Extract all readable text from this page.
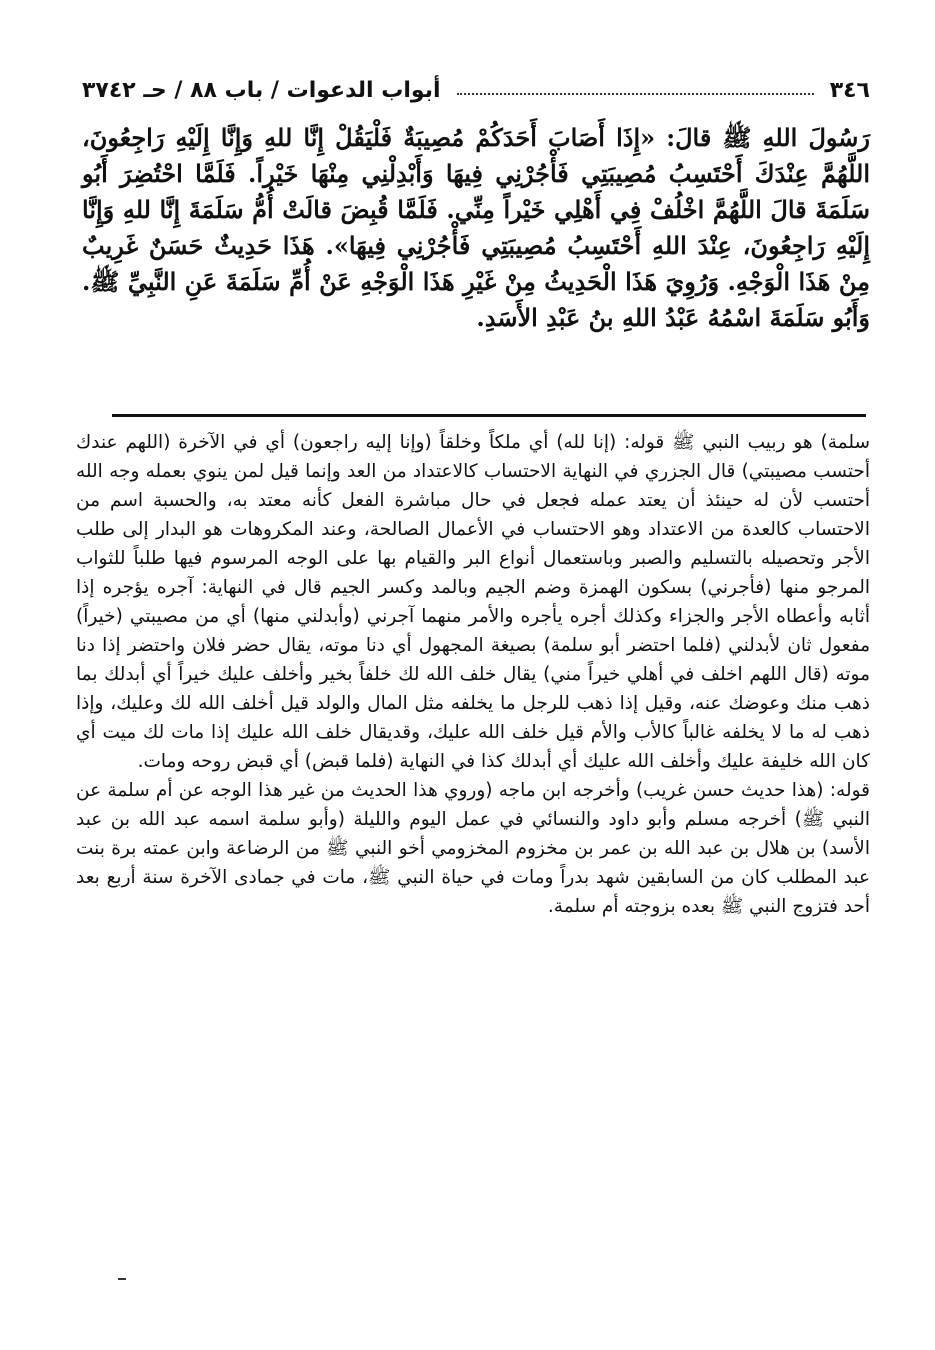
٣٤٦
أبواب الدعوات / باب ٨٨ / حـ ٣٧٤٢

رَسُولَ اللهِ ﷺ قالَ: «إِذَا أَصَابَ أَحَدَكُمْ مُصِيبَةٌ فَلْيَقُلْ إِنَّا للهِ وَإِنَّا إِلَيْهِ رَاجِعُونَ، اللَّهُمَّ عِنْدَكَ أَحْتَسِبُ مُصِيبَتِي فَأْجُرْنِي فِيهَا وَأَبْدِلْنِي مِنْهَا خَيْراً. فَلَمَّا احْتُضِرَ أَبُو سَلَمَةَ قالَ اللَّهُمَّ اخْلُفْ فِي أَهْلِي خَيْراً مِنِّي. فَلَمَّا قُبِضَ قالَتْ أُمُّ سَلَمَةَ إِنَّا للهِ وَإِنَّا إِلَيْهِ رَاجِعُونَ، عِنْدَ اللهِ أَحْتَسِبُ مُصِيبَتِي فَأْجُرْنِي فِيهَا». هَذَا حَدِيثٌ حَسَنٌ غَرِيبٌ مِنْ هَذَا الْوَجْهِ. وَرُوِيَ هَذَا الْحَدِيثُ مِنْ غَيْرِ هَذَا الْوَجْهِ عَنْ أُمِّ سَلَمَةَ عَنِ النَّبِيِّ ﷺ. وَأَبُو سَلَمَةَ اسْمُهُ عَبْدُ اللهِ بنُ عَبْدِ الأَسَدِ.

سلمة) هو ربيب النبي ﷺ قوله: (إنا لله) أي ملكاً وخلقاً (وإنا إليه راجعون) أي في الآخرة (اللهم عندك أحتسب مصيبتي) قال الجزري في النهاية الاحتساب كالاعتداد من العد وإنما قيل لمن ينوي بعمله وجه الله أحتسب لأن له حينئذ أن يعتد عمله فجعل في حال مباشرة الفعل كأنه معتد به، والحسبة اسم من الاحتساب كالعدة من الاعتداد وهو الاحتساب في الأعمال الصالحة، وعند المكروهات هو البدار إلى طلب الأجر وتحصيله بالتسليم والصبر وباستعمال أنواع البر والقيام بها على الوجه المرسوم فيها طلباً للثواب المرجو منها (فأجرني) بسكون الهمزة وضم الجيم وبالمد وكسر الجيم قال في النهاية: آجره يؤجره إذا أثابه وأعطاه الأجر والجزاء وكذلك أجره يأجره والأمر منهما آجرني (وأبدلني منها) أي من مصيبتي (خيراً) مفعول ثان لأبدلني (فلما احتضر أبو سلمة) بصيغة المجهول أي دنا موته، يقال حضر فلان واحتضر إذا دنا موته (قال اللهم اخلف في أهلي خيراً مني) يقال خلف الله لك خلفاً بخير وأخلف عليك خيراً أي أبدلك بما ذهب منك وعوضك عنه، وقيل إذا ذهب للرجل ما يخلفه مثل المال والولد قيل أخلف الله لك وعليك، وإذا ذهب له ما لا يخلفه غالباً كالأب والأم قيل خلف الله عليك، وقديقال خلف الله عليك إذا مات لك ميت أي كان الله خليفة عليك وأخلف الله عليك أي أبدلك كذا في النهاية (فلما قبض) أي قبض روحه ومات.

قوله: (هذا حديث حسن غريب) وأخرجه ابن ماجه (وروي هذا الحديث من غير هذا الوجه عن أم سلمة عن النبي ﷺ) أخرجه مسلم وأبو داود والنسائي في عمل اليوم والليلة (وأبو سلمة اسمه عبد الله بن عبد الأسد) بن هلال بن عبد الله بن عمر بن مخزوم المخزومي أخو النبي ﷺ من الرضاعة وابن عمته برة بنت عبد المطلب كان من السابقين شهد بدراً ومات في حياة النبي ﷺ، مات في جمادى الآخرة سنة أربع بعد أحد فتزوج النبي ﷺ بعده بزوجته أم سلمة.
